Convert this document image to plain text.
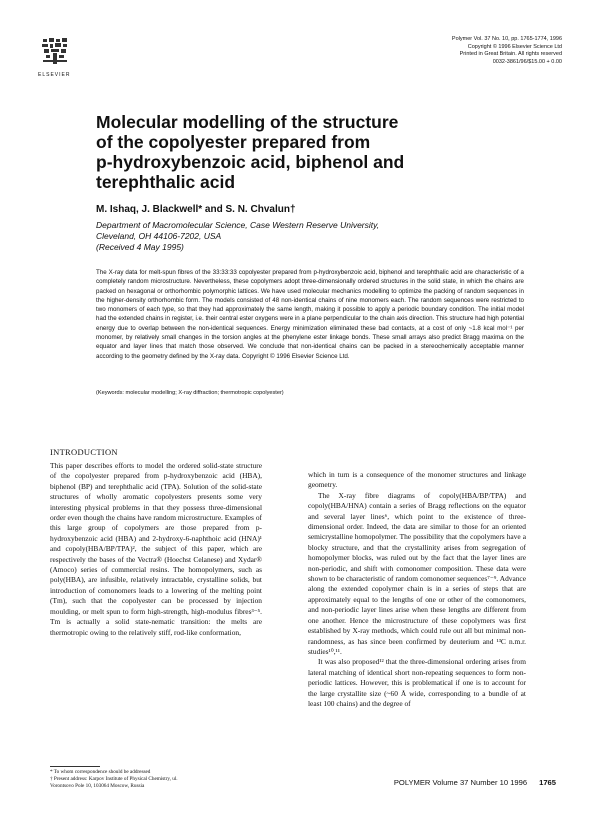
ELSEVIER
Polymer Vol. 37 No. 10, pp. 1765-1774, 1996
Copyright © 1996 Elsevier Science Ltd
Printed in Great Britain. All rights reserved
0032-3861/96/$15.00 + 0.00
Molecular modelling of the structure
of the copolyester prepared from
p-hydroxybenzoic acid, biphenol and
terephthalic acid
M. Ishaq, J. Blackwell* and S. N. Chvalun†
Department of Macromolecular Science, Case Western Reserve University,
Cleveland, OH 44106-7202, USA
(Received 4 May 1995)
The X-ray data for melt-spun fibres of the 33:33:33 copolyester prepared from p-hydroxybenzoic acid, biphenol and terephthalic acid are characteristic of a completely random microstructure. Nevertheless, these copolymers adopt three-dimensionally ordered structures in the solid state, in which the chains are packed on hexagonal or orthorhombic polymorphic lattices. We have used molecular mechanics modelling to optimize the packing of random sequences in the higher-density orthorhombic form. The models consisted of 48 non-identical chains of nine monomers each. The random sequences were restricted to two monomers of each type, so that they had approximately the same length, making it possible to apply a periodic boundary condition. The initial model had the extended chains in register, i.e. their central ester oxygens were in a plane perpendicular to the chain axis direction. This structure had high potential energy due to overlap between the non-identical sequences. Energy minimization eliminated these bad contacts, at a cost of only ~1.8 kcal mol⁻¹ per monomer, by relatively small changes in the torsion angles at the phenylene ester linkage bonds. These small arrays also predict Bragg maxima on the equator and layer lines that match those observed. We conclude that non-identical chains can be packed in a stereochemically acceptable manner according to the geometry defined by the X-ray data. Copyright © 1996 Elsevier Science Ltd.
(Keywords: molecular modelling; X-ray diffraction; thermotropic copolyester)
INTRODUCTION

This paper describes efforts to model the ordered solid-state structure of the copolyester prepared from p-hydroxybenzoic acid (HBA), biphenol (BP) and terephthalic acid (TPA). Solution of the solid-state structures of wholly aromatic copolyesters presents some very interesting physical problems in that they possess three-dimensional order even though the chains have random microstructure. Examples of this large group of copolymers are those prepared from p-hydroxybenzoic acid (HBA) and 2-hydroxy-6-naphthoic acid (HNA)¹ and copoly(HBA/BP/TPA)², the subject of this paper, which are respectively the bases of the Vectra® (Hoechst Celanese) and Xydar® (Amoco) series of commercial resins. The homopolymers, such as poly(HBA), are infusible, relatively intractable, crystalline solids, but introduction of comonomers leads to a lowering of the melting point (Tm), such that the copolyester can be processed by injection moulding, or melt spun to form high-strength, high-modulus fibres³⁻⁵. Tm is actually a solid state-nematic transition: the melts are thermotropic owing to the relatively stiff, rod-like conformation,

* To whom correspondence should be addressed
† Present address: Karpov Institute of Physical Chemistry, ul.
Vorontsovo Pole 10, 103064 Moscow, Russia

which in turn is a consequence of the monomer structures and linkage geometry.

The X-ray fibre diagrams of copoly(HBA/BP/TPA) and copoly(HBA/HNA) contain a series of Bragg reflections on the equator and several layer lines⁶, which point to the existence of three-dimensional order. Indeed, the data are similar to those for an oriented semicrystalline homopolymer. The possibility that the copolymers have a blocky structure, and that the crystallinity arises from segregation of homopolymer blocks, was ruled out by the fact that the layer lines are non-periodic, and shift with comonomer composition. These data were shown to be characteristic of random comonomer sequences⁷⁻⁹. Advance along the extended copolymer chain is in a series of steps that are approximately equal to the lengths of one or other of the comonomers, and non-periodic layer lines arise when these lengths are different from one another. Hence the microstructure of these copolymers was first established by X-ray methods, which could rule out all but minimal non-randomness, as has since been confirmed by deuterium and ¹³C n.m.r. studies¹⁰,¹¹.

It was also proposed¹² that the three-dimensional ordering arises from lateral matching of identical short non-repeating sequences to form non-periodic lattices. However, this is problematical if one is to account for the large crystallite size (~60 Å wide, corresponding to a bundle of at least 100 chains) and the degree of

POLYMER Volume 37 Number 10 1996 1765
